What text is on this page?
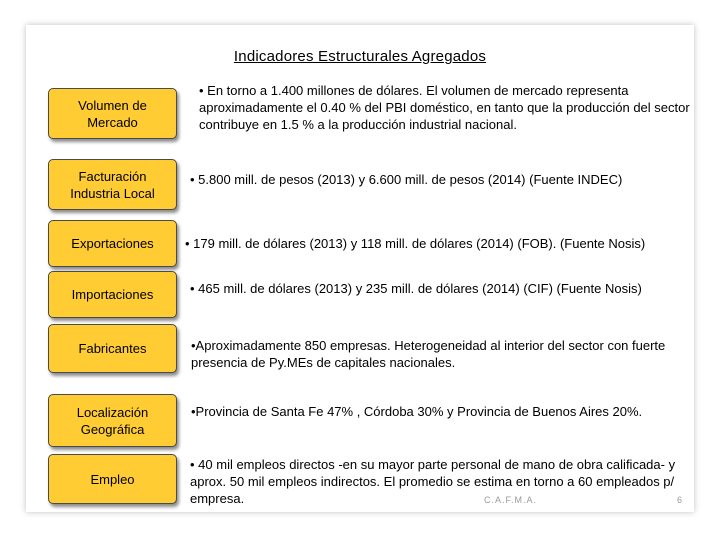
Indicadores Estructurales Agregados
Volumen de Mercado
• En torno a 1.400 millones de dólares. El volumen de mercado representa aproximadamente el 0.40 % del PBI doméstico, en tanto que la producción del sector contribuye en 1.5 % a la producción industrial nacional.
Facturación Industria Local
• 5.800 mill. de pesos (2013) y 6.600 mill. de pesos (2014) (Fuente INDEC)
Exportaciones	• 179 mill. de dólares (2013) y 118 mill. de dólares (2014) (FOB). (Fuente Nosis)
Importaciones	• 465 mill. de dólares (2013) y 235 mill. de dólares (2014) (CIF) (Fuente Nosis)
Fabricantes	•Aproximadamente 850 empresas. Heterogeneidad al interior del sector con fuerte presencia de Py.MEs de capitales nacionales.
Localización Geográfica
•Provincia de Santa Fe 47% , Córdoba 30% y Provincia de Buenos Aires 20%.
Empleo
• 40 mil empleos directos -en su mayor parte personal de mano de obra calificada- y aprox. 50 mil empleos indirectos. El promedio se estima en torno a 60 empleados p/ empresa.	C.A.F.M.A.	6
